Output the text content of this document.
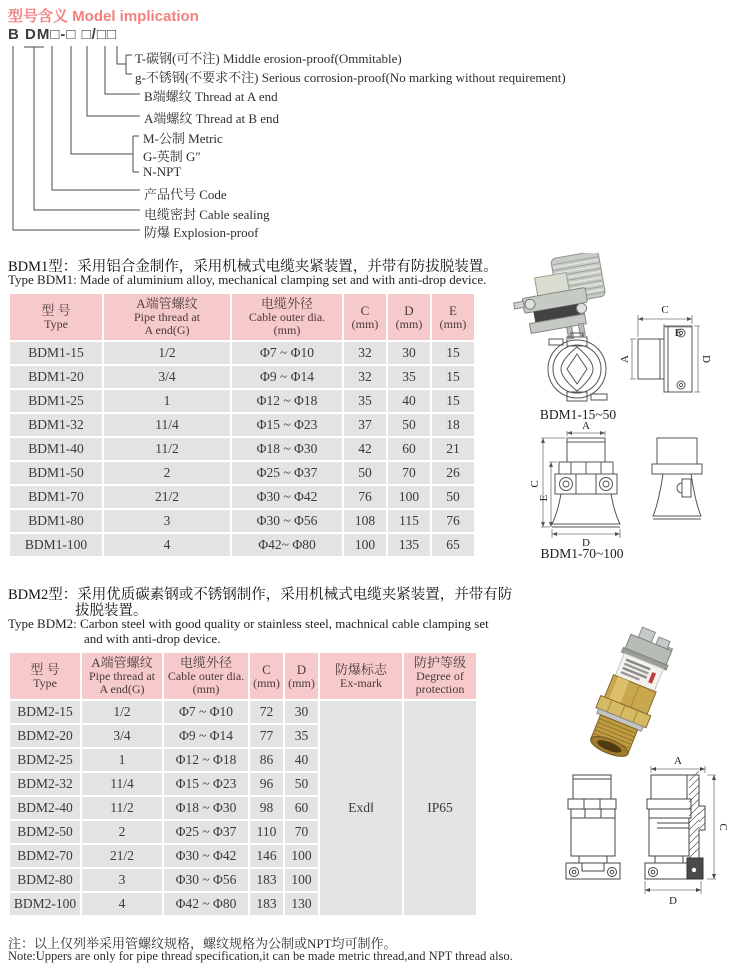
型号含义 Model implication
B DM□-□ □/□□
T-碳钢(可不注) Middle erosion-proof(Ommitable)
g-不锈钢(不要求不注) Serious corrosion-proof(No marking without requirement)
B端螺纹 Thread at A end
A端螺纹 Thread at B end
M-公制 Metric
G-英制 G″
N-NPT
产品代号 Code
电缆密封 Cable sealing
防爆 Explosion-proof
BDM1型：采用铝合金制作，采用机械式电缆夹紧装置，并带有防拔脱装置。
Type BDM1: Made of aluminium alloy, mechanical clamping set and with anti-drop device.
型 号
Type

A端管螺纹
Pipe thread at
A end(G)

电缆外径
Cable outer dia.
(mm)

C
(mm)

D
(mm)

E
(mm)

BDM1-15	1/2	Φ7 ~ Φ10	32	30	15
BDM1-20	3/4	Φ9 ~ Φ14	32	35	15
BDM1-25	1	Φ12 ~ Φ18	35	40	15
BDM1-32	11/4	Φ15 ~ Φ23	37	50	18
BDM1-40	11/2	Φ18 ~ Φ30	42	60	21
BDM1-50	2	Φ25 ~ Φ37	50	70	26
BDM1-70	21/2	Φ30 ~ Φ42	76	100	50
BDM1-80	3	Φ30 ~ Φ56	108	115	76
BDM1-100	4	Φ42~ Φ80	100	135	65
C
E
A	D
BDM1-15~50
A
C
E
D
BDM1-70~100
BDM2型：采用优质碳素钢或不锈钢制作，采用机械式电缆夹紧装置，并带有防
拔脱装置。
Type BDM2: Carbon steel with good quality or stainless steel, machnical cable clamping set
and with anti-drop device.
型 号
Type

A端管螺纹
Pipe thread at
A end(G)

电缆外径
Cable outer dia.
(mm)

C
(mm)

D
(mm)

防爆标志
Ex-mark

防护等级
Degree of
protection

BDM2-15	1/2	Φ7 ~ Φ10	72	30	Exd‖	IP65
BDM2-20	3/4	Φ9 ~ Φ14	77	35		
BDM2-25	1	Φ12 ~ Φ18	86	40		
BDM2-32	11/4	Φ15 ~ Φ23	96	50		
BDM2-40	11/2	Φ18 ~ Φ30	98	60		
BDM2-50	2	Φ25 ~ Φ37	110	70		
BDM2-70	21/2	Φ30 ~ Φ42	146	100		
BDM2-80	3	Φ30 ~ Φ56	183	100		
BDM2-100	4	Φ42 ~ Φ80	183	130		
A
C
D
注：以上仅列举采用管螺纹规格，螺纹规格为公制或NPT均可制作。
Note:Uppers are only for pipe thread specification,it can be made metric thread,and NPT thread also.
